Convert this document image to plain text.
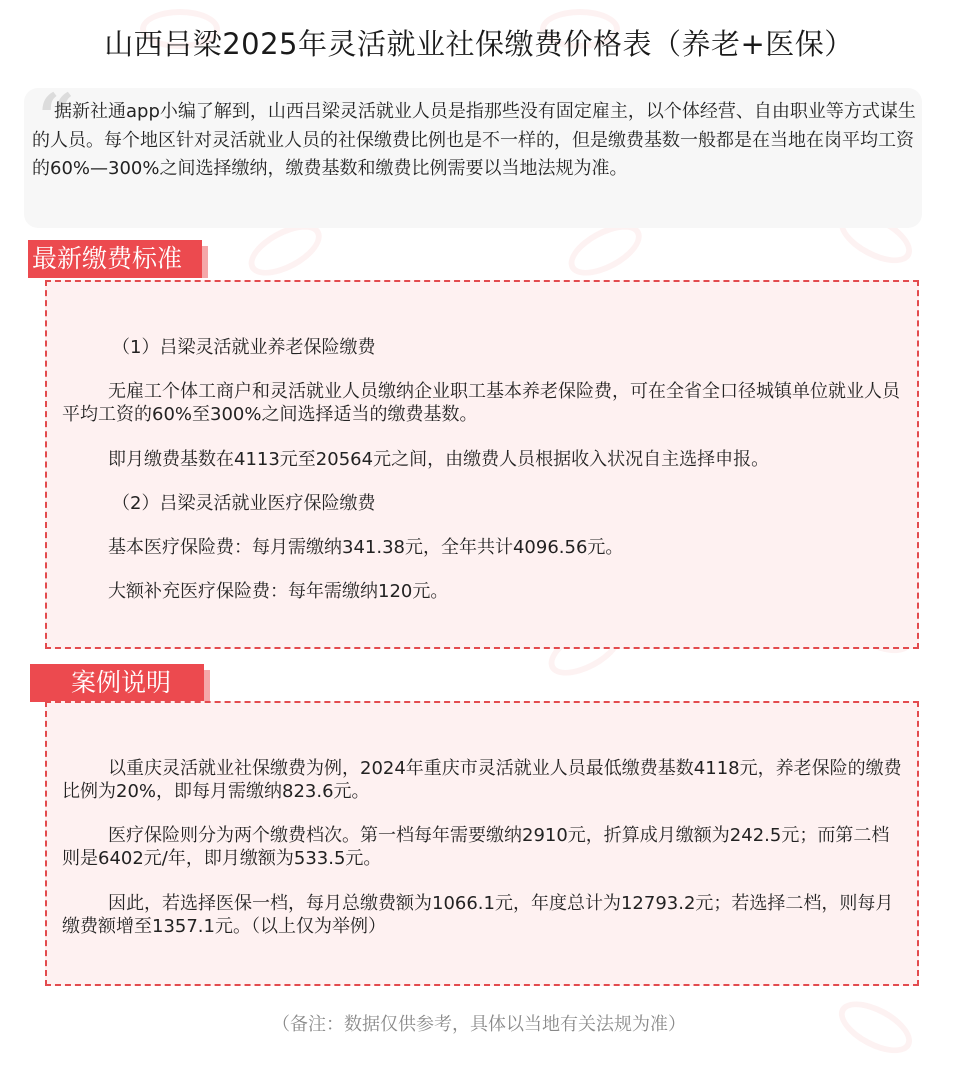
山西吕梁2025年灵活就业社保缴费价格表（养老+医保）
“

据新社通app小编了解到，山西吕梁灵活就业人员是指那些没有固定雇主，以个体经营、自由职业等方式谋生的人员。每个地区针对灵活就业人员的社保缴费比例也是不一样的，但是缴费基数一般都是在当地在岗平均工资的60%—300%之间选择缴纳，缴费基数和缴费比例需要以当地法规为准。

最新缴费标准

（1）吕梁灵活就业养老保险缴费

无雇工个体工商户和灵活就业人员缴纳企业职工基本养老保险费，可在全省全口径城镇单位就业人员平均工资的60%至300%之间选择适当的缴费基数。

即月缴费基数在4113元至20564元之间，由缴费人员根据收入状况自主选择申报。

（2）吕梁灵活就业医疗保险缴费

基本医疗保险费：每月需缴纳341.38元，全年共计4096.56元。

大额补充医疗保险费：每年需缴纳120元。

案例说明

以重庆灵活就业社保缴费为例，2024年重庆市灵活就业人员最低缴费基数4118元，养老保险的缴费比例为20%，即每月需缴纳823.6元。

医疗保险则分为两个缴费档次。第一档每年需要缴纳2910元，折算成月缴额为242.5元；而第二档则是6402元/年，即月缴额为533.5元。

因此，若选择医保一档，每月总缴费额为1066.1元，年度总计为12793.2元；若选择二档，则每月缴费额增至1357.1元。（以上仅为举例）

（备注：数据仅供参考，具体以当地有关法规为准）
